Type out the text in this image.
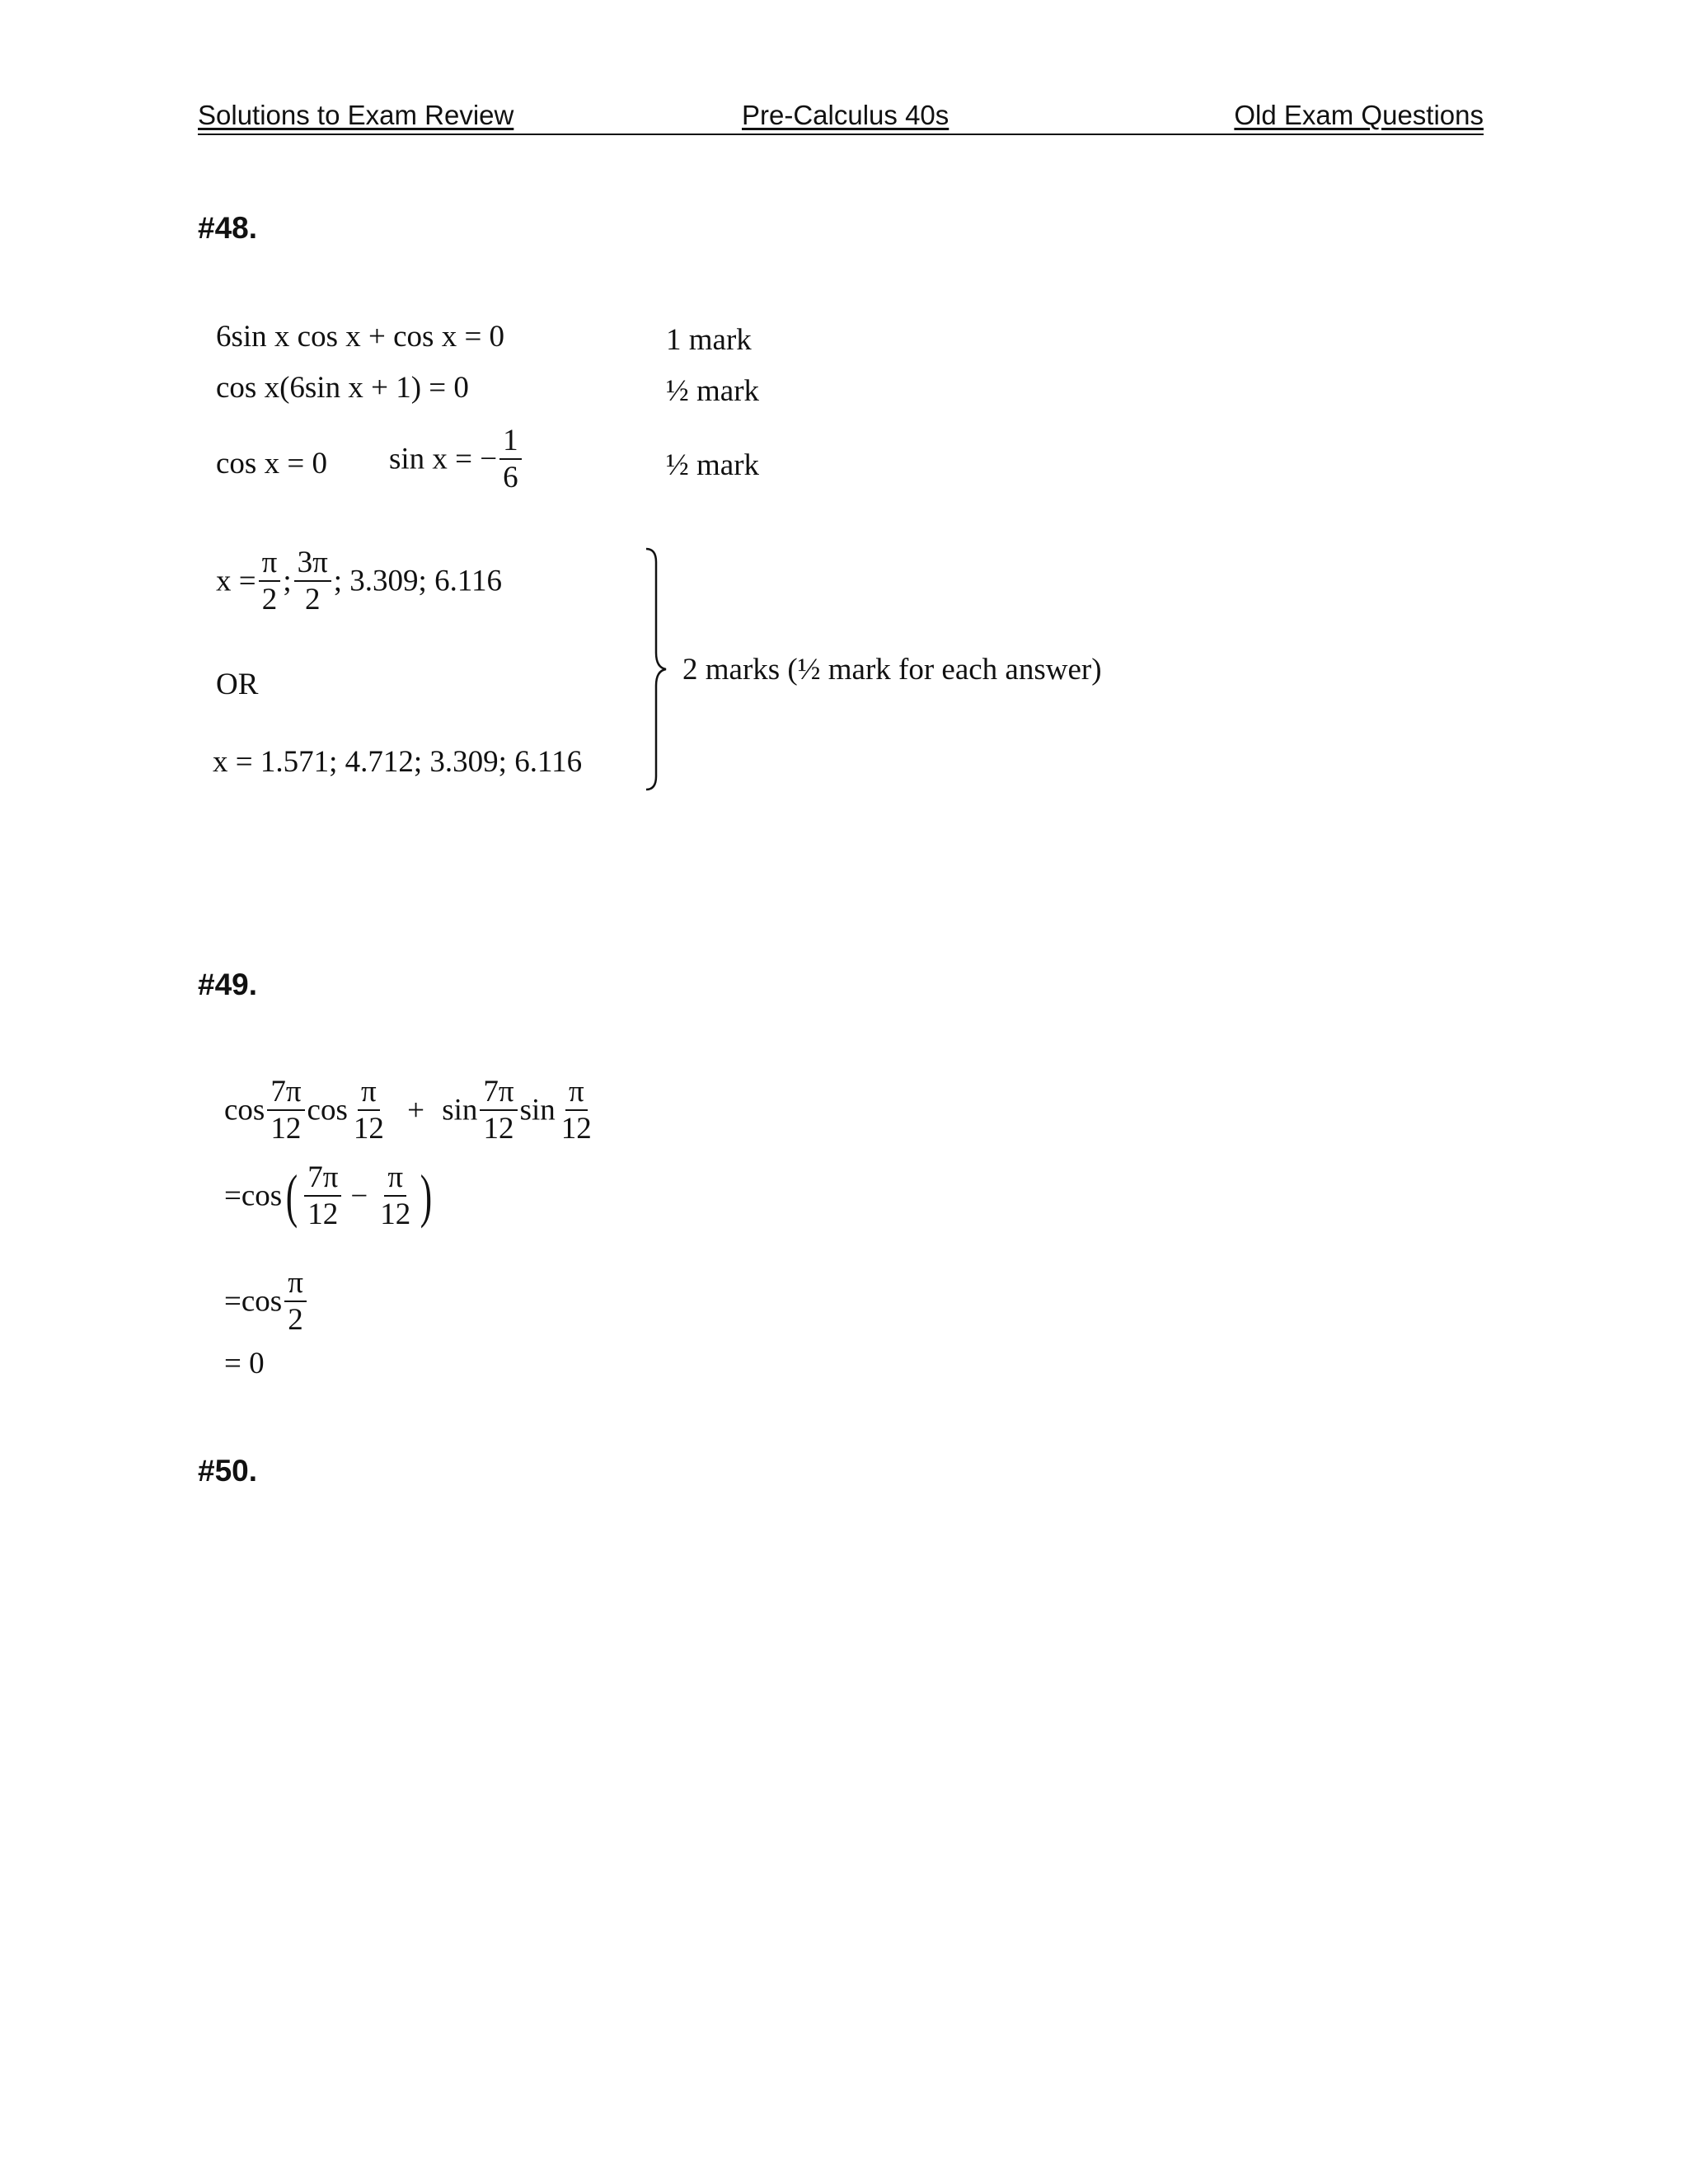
Solutions to Exam Review	Pre-Calculus 40s	Old Exam Questions
#48.
6sin x cos x + cos x = 0	1 mark
cos x(6sin x + 1) = 0	½ mark
cos x = 0 sin x = − $\frac{1}{6}$	½ mark
$x = \frac{\pi}{2}$ ; $\frac{3\pi}{2}$ ; 3.309; 6.116
OR
x = 1.571; 4.712; 3.309; 6.116
2 marks (½ mark for each answer)
#49.
$\cos \frac{7\pi}{12}$ $\cos \frac{\pi}{12} + \sin \frac{7\pi}{12}$ $\sin \frac{\pi}{12}$
$=\cos( \frac{7\pi}{12} - \frac{\pi}{12}$ )
$=\cos \frac{\pi}{2}$
= 0
#50.
